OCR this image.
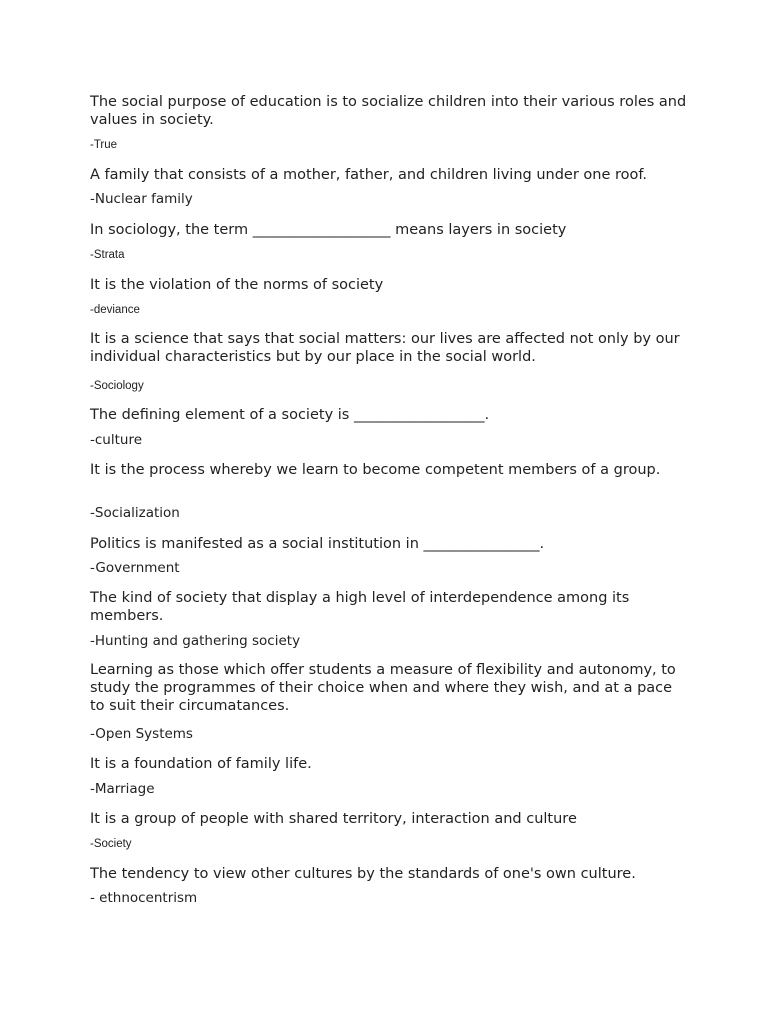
The social purpose of education is to socialize children into their various roles and values in society.

-True

A family that consists of a mother, father, and children living under one roof.

-Nuclear family

In sociology, the term ___________________ means layers in society

-Strata

It is the violation of the norms of society

-deviance

It is a science that says that social matters: our lives are affected not only by our individual characteristics but by our place in the social world.

-Sociology

The defining element of a society is __________________.

-culture

It is the process whereby we learn to become competent members of a group.

-Socialization

Politics is manifested as a social institution in ________________.

-Government

The kind of society that display a high level of interdependence among its members.

-Hunting and gathering society

Learning as those which offer students a measure of flexibility and autonomy, to study the programmes of their choice when and where they wish, and at a pace to suit their circumatances.

-Open Systems

It is a foundation of family life.

-Marriage

It is a group of people with shared territory, interaction and culture

-Society

The tendency to view other cultures by the standards of one's own culture.

- ethnocentrism
